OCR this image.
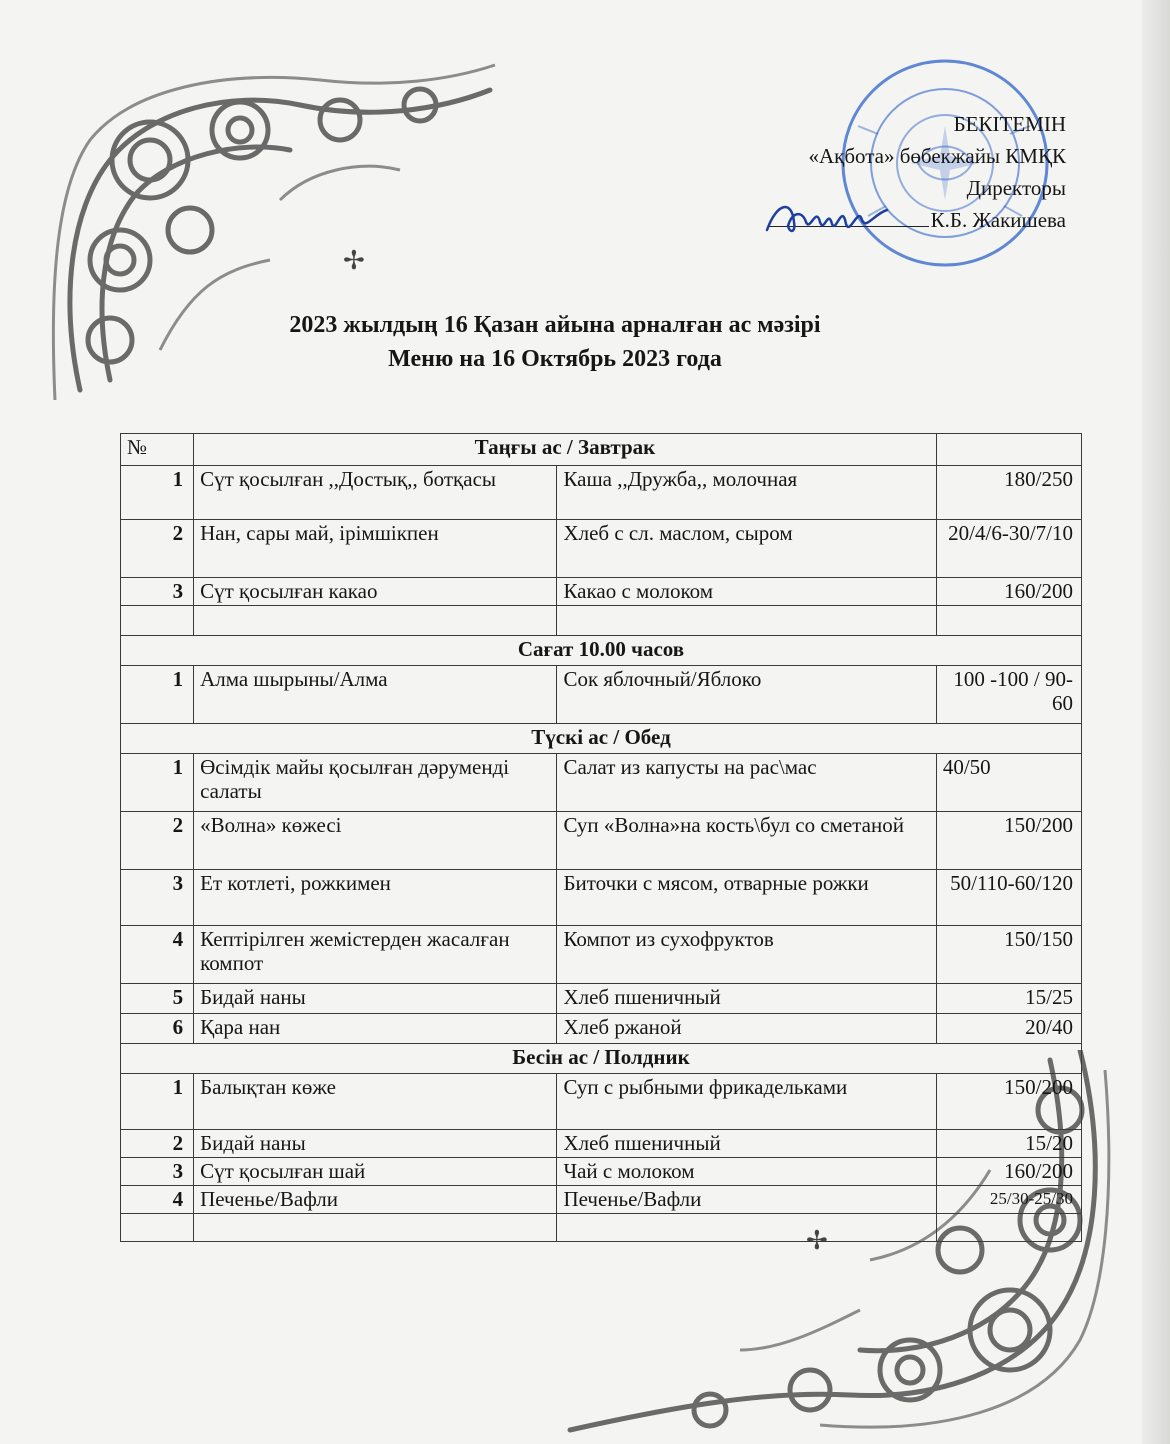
БЕКІТЕМІН
«Ақбота» бөбекжайы КМҚК
Директоры
К.Б. Жакишева
✢
✢
2023 жылдың 16 Қазан айына арналған ас мәзірі
Меню на 16 Октябрь 2023 года
№	Таңғы ас / Завтрак		
1	Сүт қосылған ,,Достық,, ботқасы	Каша ,,Дружба,, молочная	180/250
2	Нан, сары май, ірімшікпен	Хлеб с сл. маслом, сыром	20/4/6-30/7/10
3	Сүт қосылған какао	Какао с молоком	160/200

Сағат 10.00 часов			
1	Алма шырыны/Алма	Сок яблочный/Яблоко	100 -100 / 90-60
Түскі ас / Обед			
1	Өсімдік майы қосылған дәрумендi салаты	Салат из капусты на рас\мас	40/50
2	«Волна» көжесі	Суп «Волна»на кость\бул со сметаной	150/200
3	Ет котлеті, рожкимен	Биточки с мясом, отварные рожки	50/110-60/120
4	Кептірілген жемістерден жасалған компот	Компот из сухофруктов	150/150
5	Бидай наны	Хлеб пшеничный	15/25
6	Қара нан	Хлеб ржаной	20/40
Бесін ас / Полдник			
1	Балықтан көже	Суп с рыбными фрикадельками	150/200
2	Бидай наны	Хлеб пшеничный	15/20
3	Сүт қосылған шай	Чай с молоком	160/200
4	Печенье/Вафли	Печенье/Вафли	25/30-25/30
